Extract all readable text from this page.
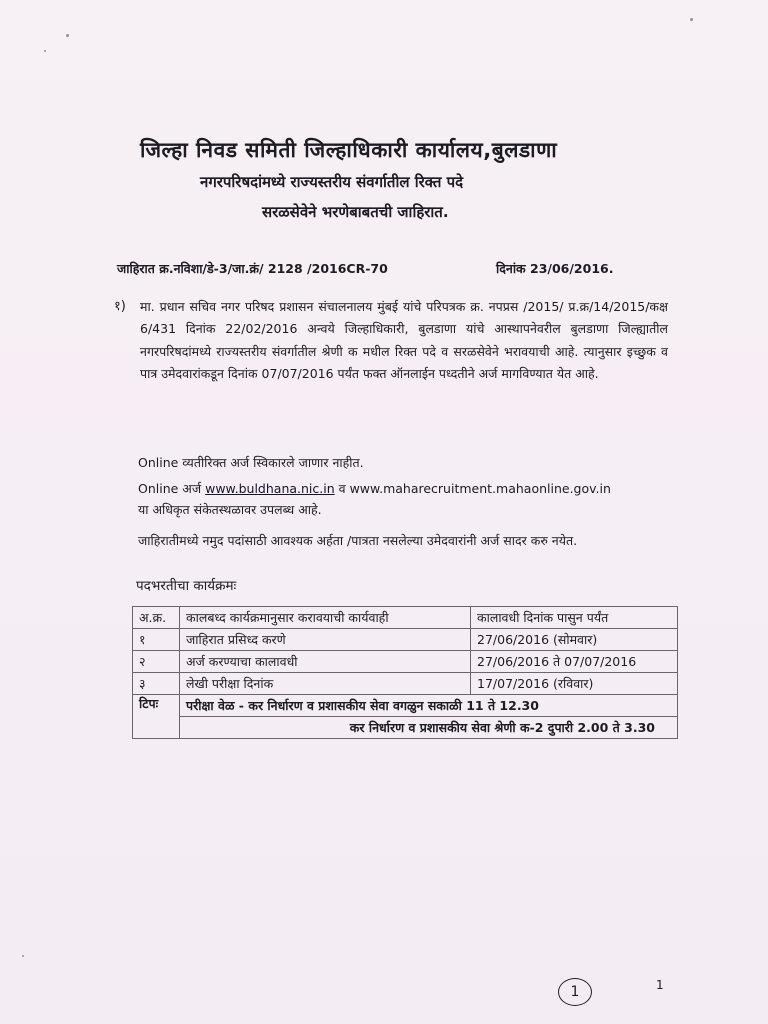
जिल्हा निवड समिती जिल्हाधिकारी कार्यालय,बुलडाणा
नगरपरिषदांमध्ये राज्यस्तरीय संवर्गातील रिक्त पदे
सरळसेवेने भरणेबाबतची जाहिरात.
जाहिरात क्र.नविशा/डे-3/जा.क्रं/ 2128 /2016CR-70	दिनांक 23/06/2016.
१) मा. प्रधान सचिव नगर परिषद प्रशासन संचालनालय मुंबई यांचे परिपत्रक क्र. नपप्रस /2015/ प्र.क्र/14/2015/कक्ष 6/431 दिनांक 22/02/2016 अन्वये जिल्हाधिकारी, बुलडाणा यांचे आस्थापनेवरील बुलडाणा जिल्ह्यातील नगरपरिषदांमध्ये राज्यस्तरीय संवर्गातील श्रेणी क मधील रिक्त पदे व सरळसेवेने भरावयाची आहे. त्यानुसार इच्छुक व पात्र उमेदवारांकडून दिनांक 07/07/2016 पर्यंत फक्त ऑनलाईन पध्दतीने अर्ज मागविण्यात येत आहे.
Online व्यतीरिक्त अर्ज स्विकारले जाणार नाहीत.
Online अर्ज www.buldhana.nic.in व www.maharecruitment.mahaonline.gov.in
या अधिकृत संकेतस्थळावर उपलब्ध आहे.
जाहिरातीमध्ये नमुद पदांसाठी आवश्यक अर्हता /पात्रता नसलेल्या उमेदवारांनी अर्ज सादर करु नयेत.
पदभरतीचा कार्यक्रमः
अ.क्र.	कालबध्द कार्यक्रमानुसार करावयाची कार्यवाही	कालावधी दिनांक पासुन पर्यंत
१	जाहिरात प्रसिध्द करणे	27/06/2016 (सोमवार)
२	अर्ज करण्याचा कालावधी	27/06/2016 ते 07/07/2016
३	लेखी परीक्षा दिनांक	17/07/2016 (रविवार)
टिपः	परीक्षा वेळ - कर निर्धारण व प्रशासकीय सेवा वगळुन सकाळी 11 ते 12.30	
	कर निर्धारण व प्रशासकीय सेवा श्रेणी क-2 दुपारी 2.00 ते 3.30	
1	1
